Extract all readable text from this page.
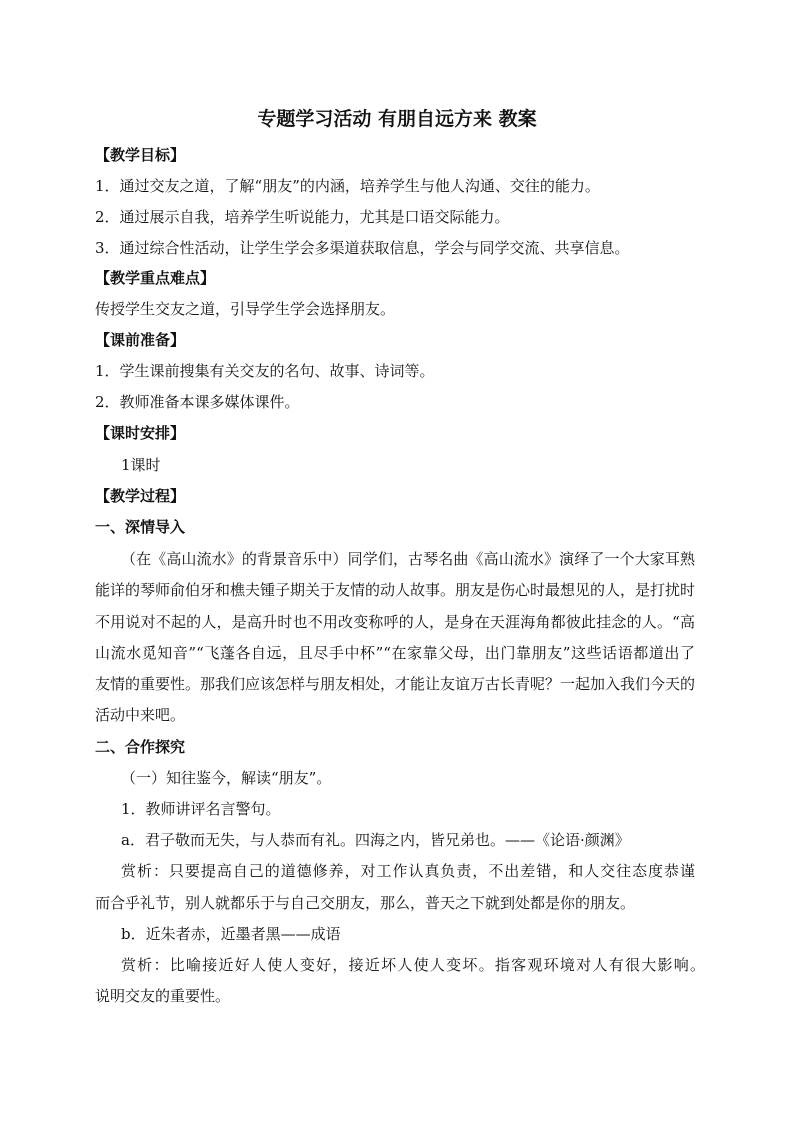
专题学习活动 有朋自远方来 教案
【教学目标】
1．通过交友之道，了解“朋友”的内涵，培养学生与他人沟通、交往的能力。
2．通过展示自我，培养学生听说能力，尤其是口语交际能力。
3．通过综合性活动，让学生学会多渠道获取信息，学会与同学交流、共享信息。
【教学重点难点】
传授学生交友之道，引导学生学会选择朋友。
【课前准备】
1．学生课前搜集有关交友的名句、故事、诗词等。
2．教师准备本课多媒体课件。
【课时安排】
1课时
【教学过程】
一、深情导入
（在《高山流水》的背景音乐中）同学们，古琴名曲《高山流水》演绎了一个大家耳熟
能详的琴师俞伯牙和樵夫锺子期关于友情的动人故事。朋友是伤心时最想见的人，是打扰时
不用说对不起的人，是高升时也不用改变称呼的人，是身在天涯海角都彼此挂念的人。“高
山流水觅知音”“飞蓬各自远，且尽手中杯”“在家靠父母，出门靠朋友”这些话语都道出了
友情的重要性。那我们应该怎样与朋友相处，才能让友谊万古长青呢？一起加入我们今天的
活动中来吧。
二、合作探究
（一）知往鉴今，解读“朋友”。
1．教师讲评名言警句。
a．君子敬而无失，与人恭而有礼。四海之内，皆兄弟也。——《论语·颜渊》
赏析：只要提高自己的道德修养，对工作认真负责，不出差错，和人交往态度恭谨
而合乎礼节，别人就都乐于与自己交朋友，那么，普天之下就到处都是你的朋友。
b．近朱者赤，近墨者黑——成语
赏析：比喻接近好人使人变好，接近坏人使人变坏。指客观环境对人有很大影响。
说明交友的重要性。
